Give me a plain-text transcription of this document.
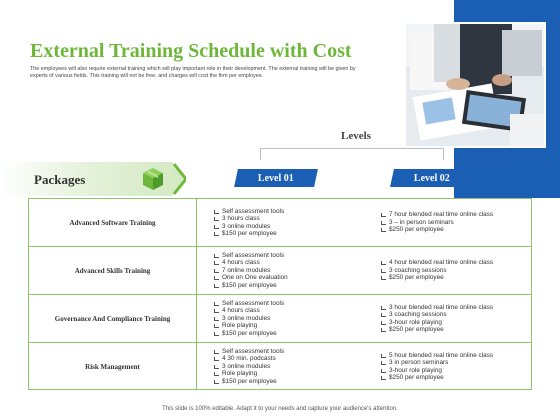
External Training Schedule with Cost
The employees will also require external training which will play important role in their development. The external training will be given by experts of various fields. This training will not be free, and charges will cost the firm per employee.
Levels
Packages	Level 01	Level 02
Advanced Software Training
Self assessment tools
3 hours class
3 online modules
$150 per employee
7 hour blended real time online class
3 – in person seminars
$250 per employee
Advanced Skills Training
Self assessment tools
4 hours class
7 online modules
One on One evaluation
$150 per employee
4 hour blended real time online class
3 coaching sessions
$250 per employee
Governance And Compliance Training
Self assessment tools
4 hours class
3 online modules
Role playing
$150 per employee
3 hour blended real time online class
3 coaching sessions
3-hour role playing
$250 per employee
Risk Management
Self assessment tools
4 30 min. podcasts
3 online modules
Role playing
$150 per employee
5 hour blended real time online class
3 in person seminars
3-hour role playing
$250 per employee
This slide is 100% editable. Adapt it to your needs and capture your audience's attention.
